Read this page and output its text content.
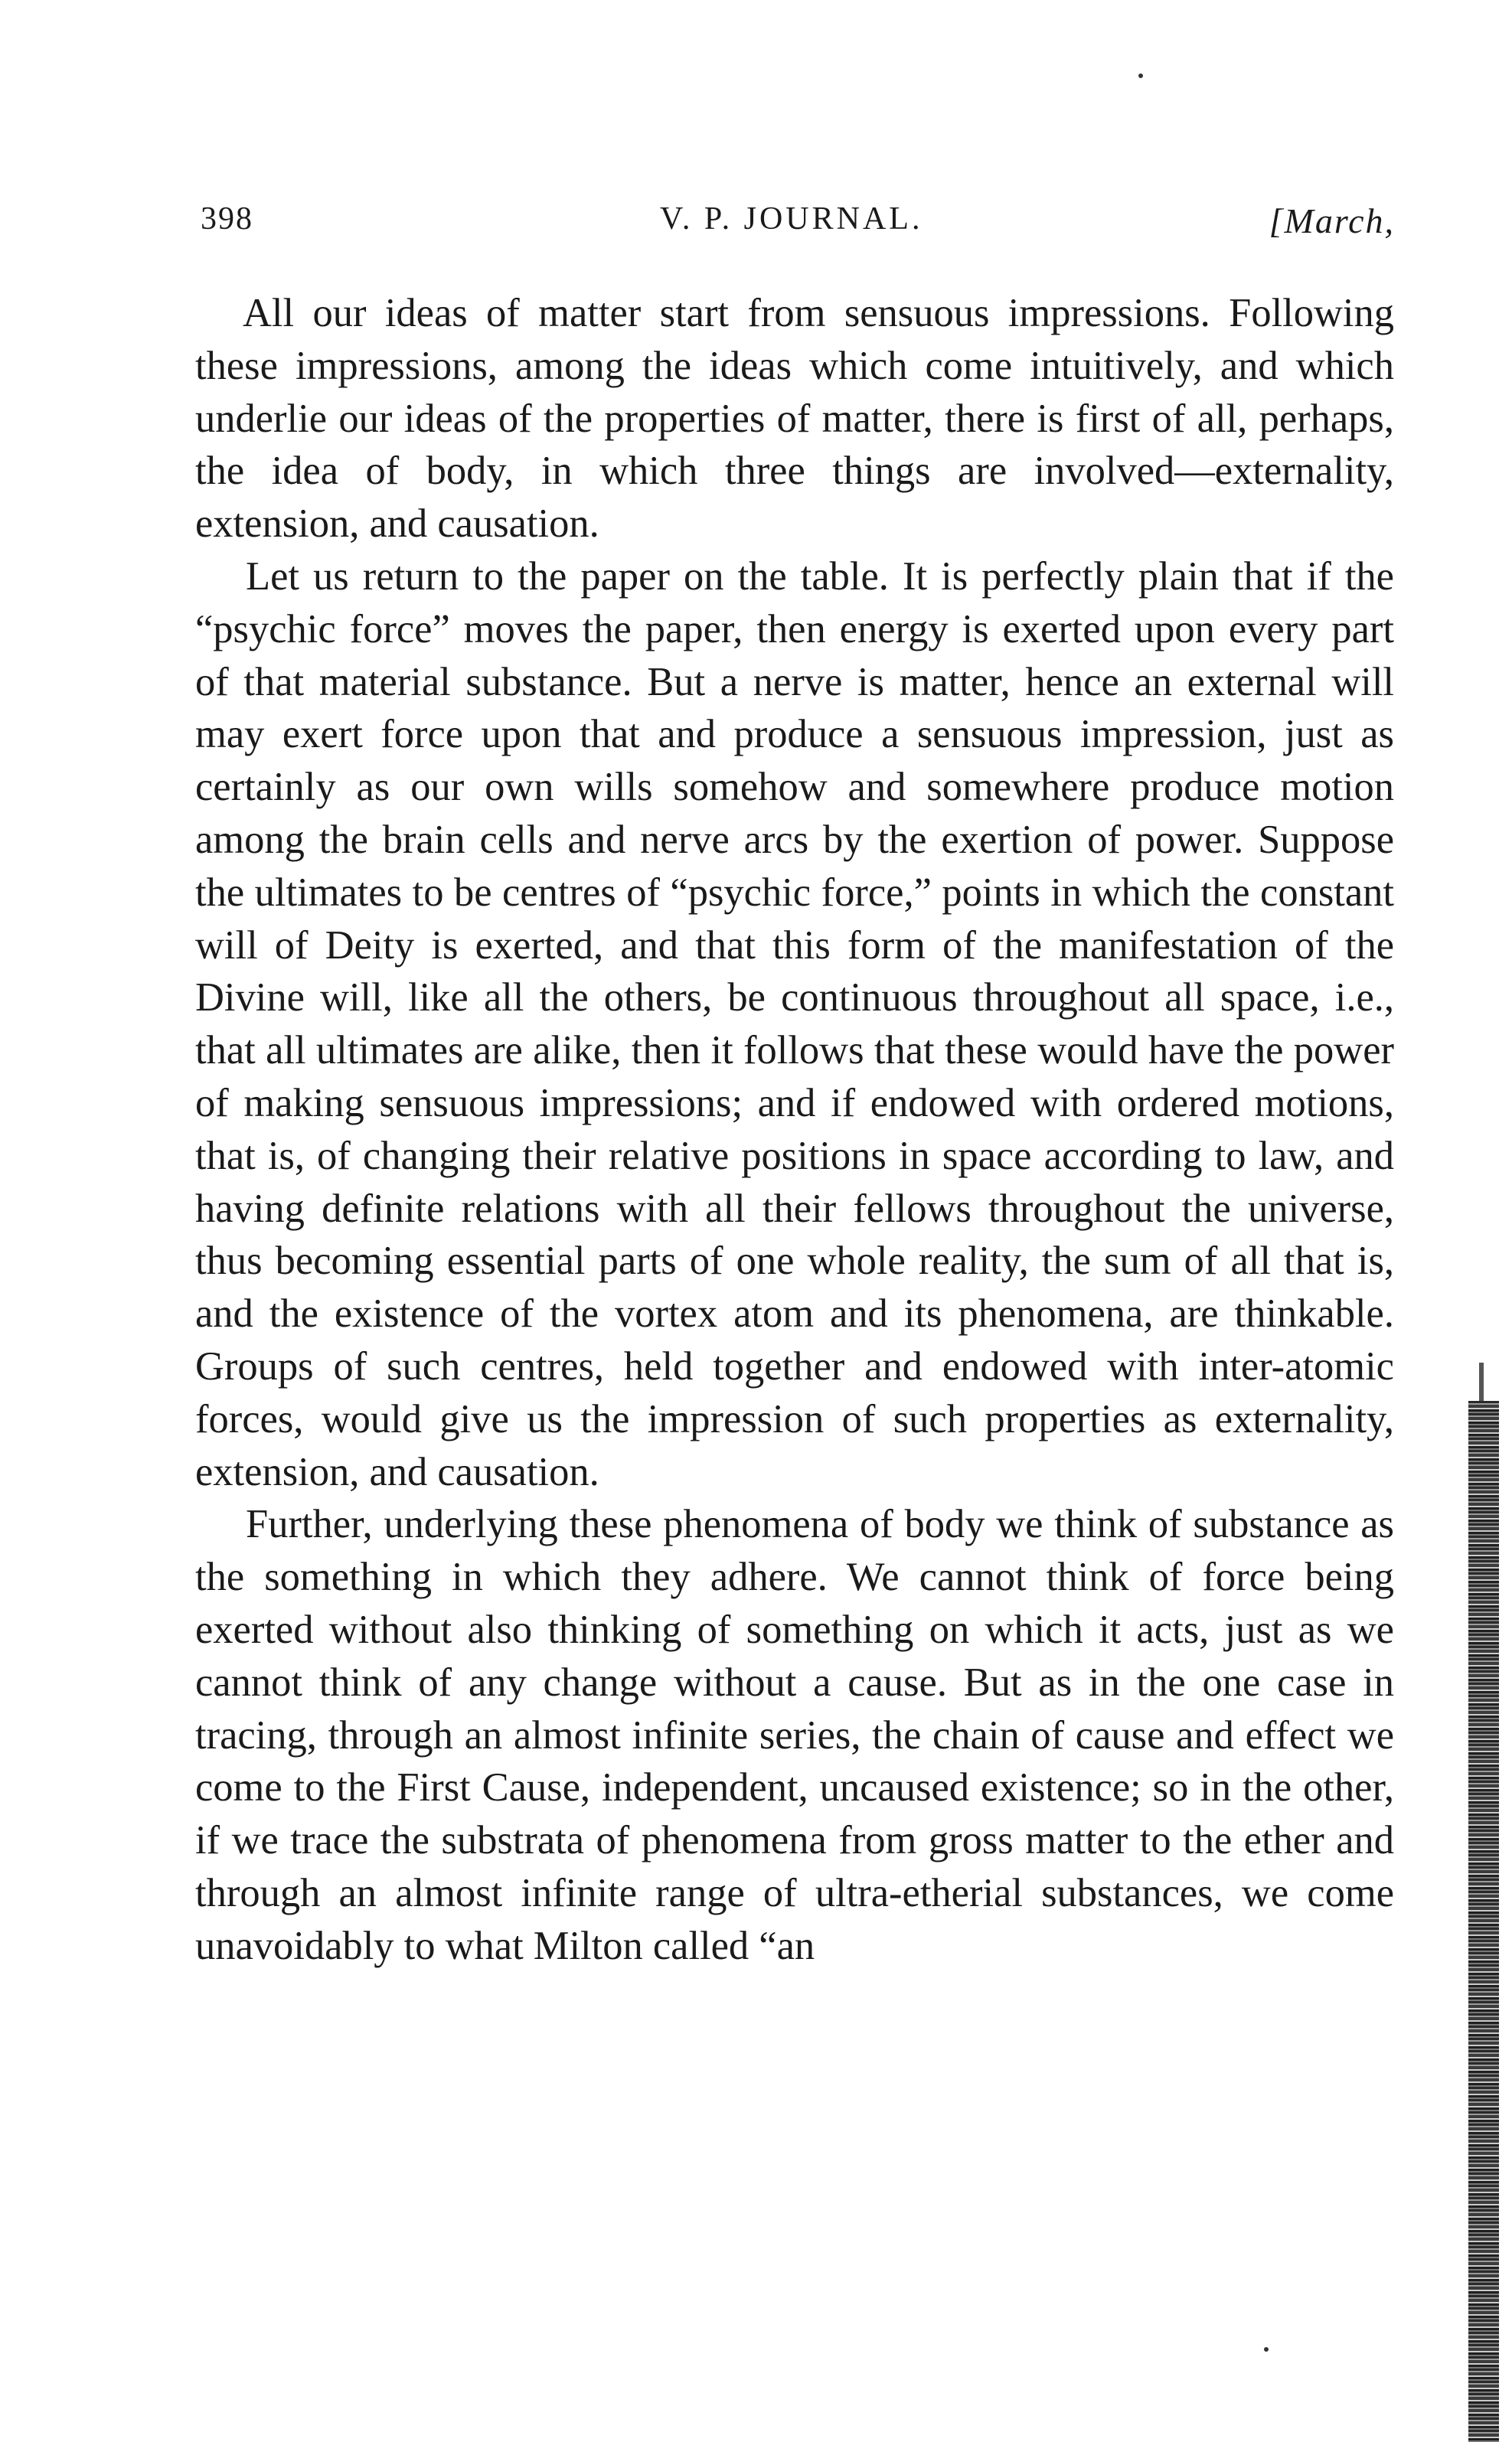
398	V. P. JOURNAL.	[March,

All our ideas of matter start from sensuous impressions. Following these impressions, among the ideas which come intuitively, and which underlie our ideas of the properties of matter, there is first of all, perhaps, the idea of body, in which three things are involved—externality, extension, and causation.

Let us return to the paper on the table. It is perfectly plain that if the “psychic force” moves the paper, then energy is exerted upon every part of that material substance. But a nerve is matter, hence an external will may exert force upon that and produce a sensuous impression, just as certainly as our own wills somehow and somewhere produce motion among the brain cells and nerve arcs by the exertion of power. Suppose the ultimates to be centres of “psychic force,” points in which the constant will of Deity is exerted, and that this form of the manifestation of the Divine will, like all the others, be continuous throughout all space, i.e., that all ultimates are alike, then it follows that these would have the power of making sensuous impressions; and if endowed with ordered motions, that is, of changing their relative positions in space according to law, and having definite relations with all their fellows throughout the universe, thus becoming essential parts of one whole reality, the sum of all that is, and the existence of the vortex atom and its phenomena, are thinkable. Groups of such centres, held together and endowed with inter-atomic forces, would give us the impression of such properties as externality, extension, and causation.

Further, underlying these phenomena of body we think of substance as the something in which they adhere. We cannot think of force being exerted without also thinking of something on which it acts, just as we cannot think of any change without a cause. But as in the one case in tracing, through an almost infinite series, the chain of cause and effect we come to the First Cause, independent, uncaused existence; so in the other, if we trace the substrata of phenomena from gross matter to the ether and through an almost infinite range of ultra-etherial substances, we come unavoidably to what Milton called “an
